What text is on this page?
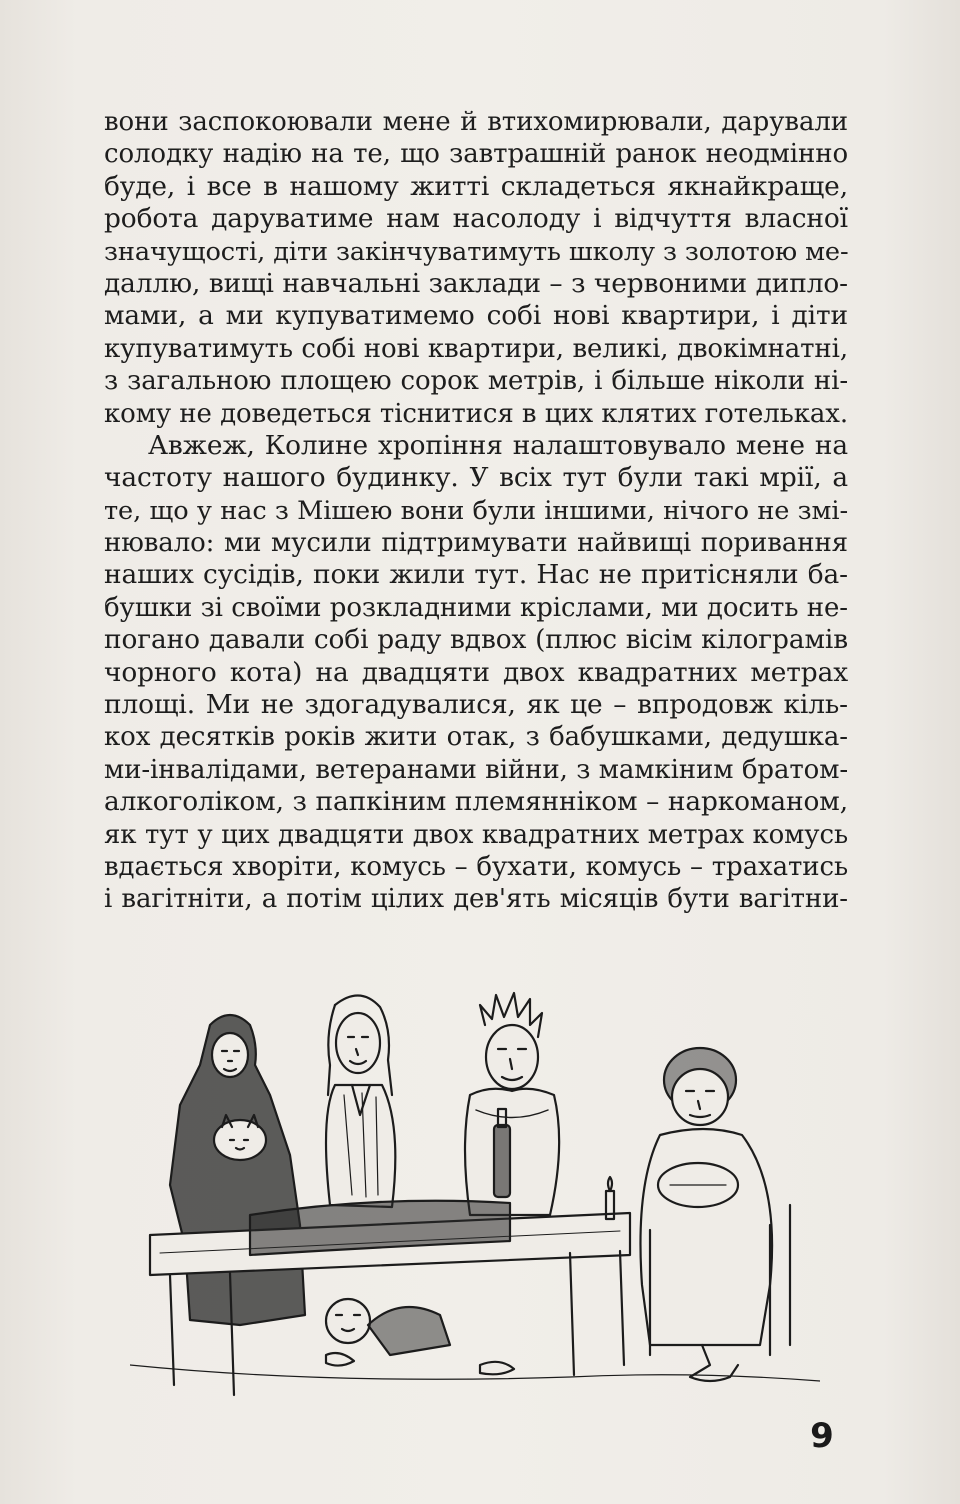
вони заспокоювали мене й втихомирювали, дарували
солодку надію на те, що завтрашній ранок неодмінно
буде, і все в нашому житті складеться якнайкраще,
робота даруватиме нам насолоду і відчуття власної
значущості, діти закінчуватимуть школу з золотою ме-
даллю, вищі навчальні заклади – з червоними дипло-
мами, а ми купуватимемо собі нові квартири, і діти
купуватимуть собі нові квартири, великі, двокімнатні,
з загальною площею сорок метрів, і більше ніколи ні-
кому не доведеться тіснитися в цих клятих готельках.
Авжеж, Колине хропіння налаштовувало мене на
частоту нашого будинку. У всіх тут були такі мрії, а
те, що у нас з Мішею вони були іншими, нічого не змі-
нювало: ми мусили підтримувати найвищі поривання
наших сусідів, поки жили тут. Нас не притісняли ба-
бушки зі своїми розкладними кріслами, ми досить не-
погано давали собі раду вдвох (плюс вісім кілограмів
чорного кота) на двадцяти двох квадратних метрах
площі. Ми не здогадувалися, як це – впродовж кіль-
кох десятків років жити отак, з бабушками, дедушка-
ми-інвалідами, ветеранами війни, з мамкіним братом-
алкоголіком, з папкіним племянніком – наркоманом,
як тут у цих двадцяти двох квадратних метрах комусь
вдається хворіти, комусь – бухати, комусь – трахатись
і вагітніти, а потім цілих дев'ять місяців бути вагітни-
9
